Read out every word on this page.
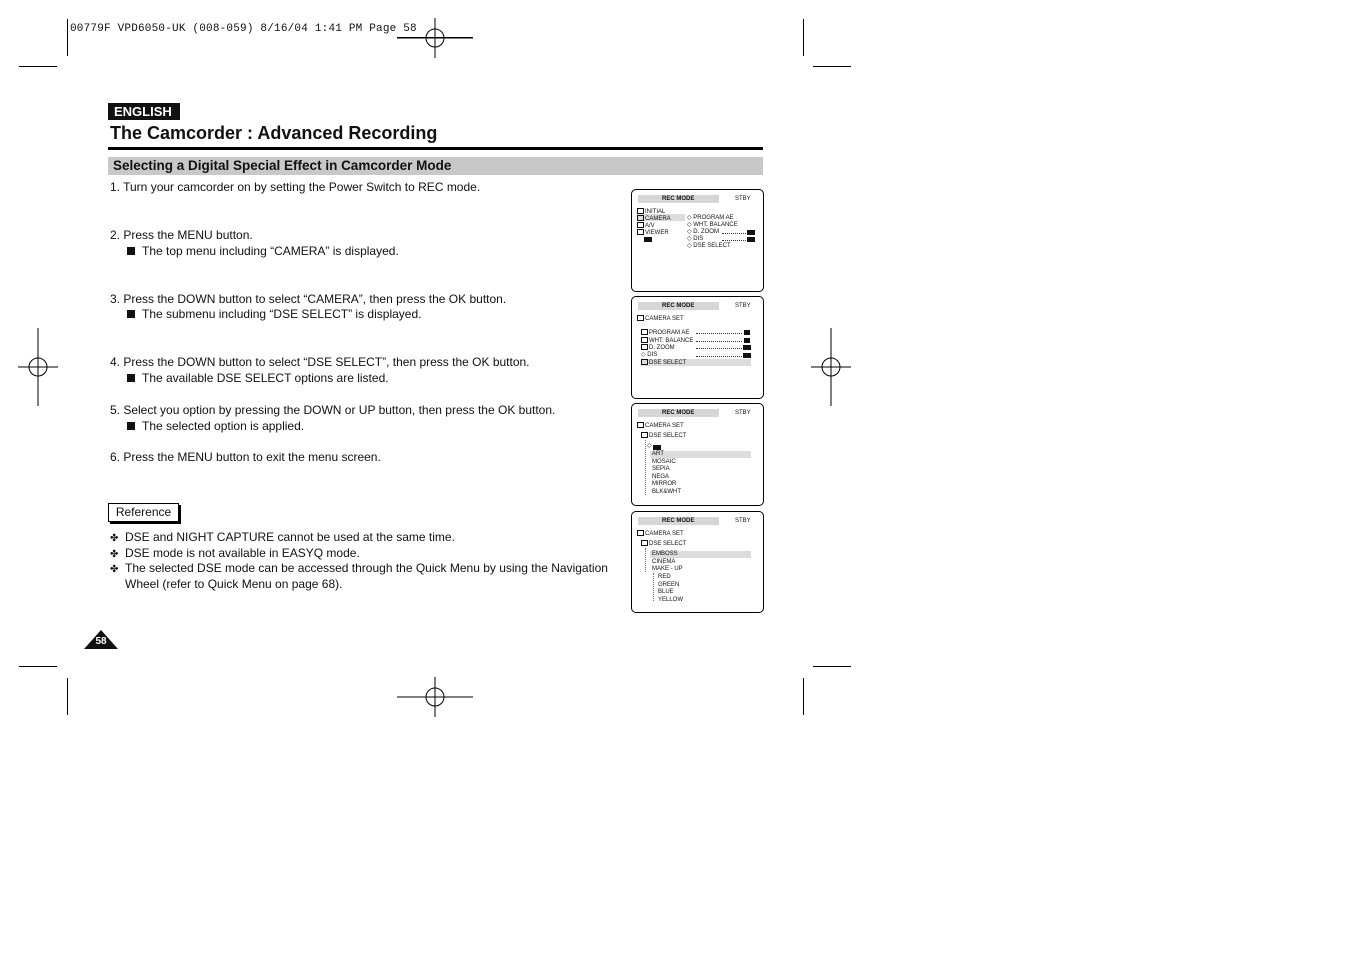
00779F VPD6050-UK (008-059) 8/16/04 1:41 PM Page 58
ENGLISH
The Camcorder : Advanced Recording
Selecting a Digital Special Effect in Camcorder Mode
1. Turn your camcorder on by setting the Power Switch to REC mode.
2. Press the MENU button.
The top menu including “CAMERA” is displayed.
3. Press the DOWN button to select “CAMERA”, then press the OK button.
The submenu including “DSE SELECT” is displayed.
4. Press the DOWN button to select “DSE SELECT”, then press the OK button.
The available DSE SELECT options are listed.
5. Select you option by pressing the DOWN or UP button, then press the OK button.
The selected option is applied.
6. Press the MENU button to exit the menu screen.
Reference
✤ DSE and NIGHT CAPTURE cannot be used at the same time.
✤ DSE mode is not available in EASYQ mode.
✤ The selected DSE mode can be accessed through the Quick Menu by using the Navigation
Wheel (refer to Quick Menu on page 68).
58
REC MODE	STBY
INITIAL
CAMERA
A/V
VIEWER
◇ PROGRAM AE
◇ WHT. BALANCE
◇ D. ZOOM
◇ DIS
◇ DSE SELECT
REC MODE	STBY
CAMERA SET
PROGRAM AE
WHT. BALANCE
D. ZOOM
◇ DIS
DSE SELECT
REC MODE	STBY
CAMERA SET
DSE SELECT
◇
ART
MOSAIC
SEPIA
NEGA
MIRROR
BLK&WHT
REC MODE	STBY
CAMERA SET
DSE SELECT
EMBOSS
CINEMA
MAKE - UP
RED
GREEN
BLUE
YELLOW
